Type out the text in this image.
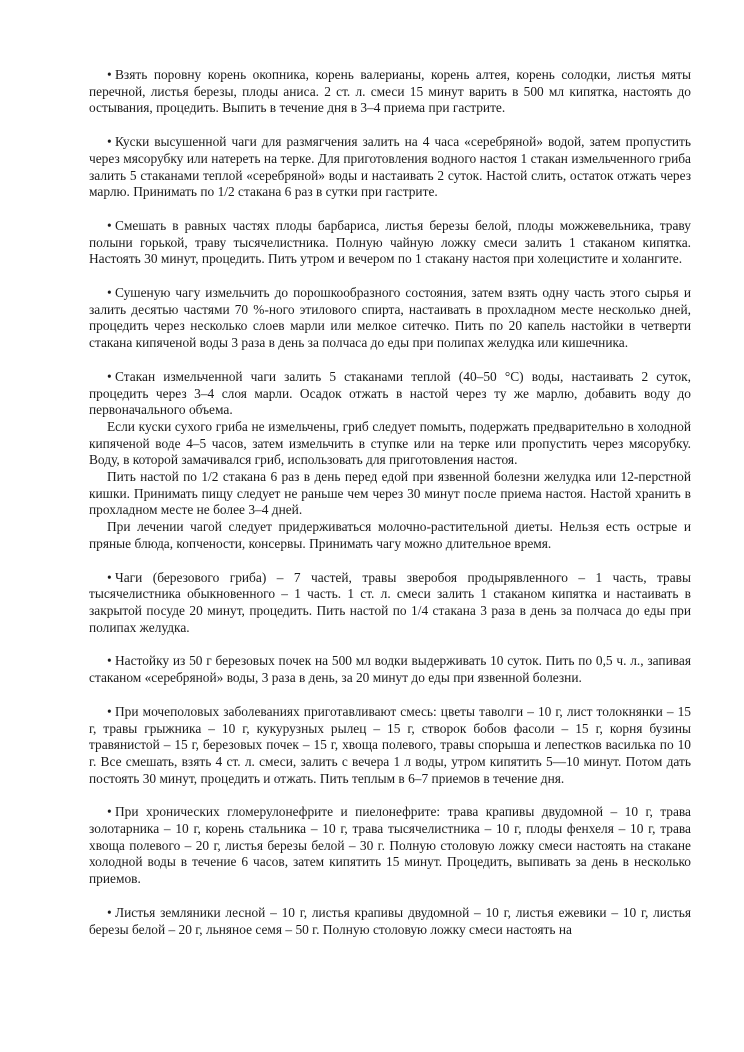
• Взять поровну корень окопника, корень валерианы, корень алтея, корень солодки, листья мяты перечной, листья березы, плоды аниса. 2 ст. л. смеси 15 минут варить в 500 мл кипятка, настоять до остывания, процедить. Выпить в течение дня в 3–4 приема при гастрите.

• Куски высушенной чаги для размягчения залить на 4 часа «серебряной» водой, затем пропустить через мясорубку или натереть на терке. Для приготовления водного настоя 1 стакан измельченного гриба залить 5 стаканами теплой «серебряной» воды и настаивать 2 суток. Настой слить, остаток отжать через марлю. Принимать по 1/2 стакана 6 раз в сутки при гастрите.

• Смешать в равных частях плоды барбариса, листья березы белой, плоды можжевельника, траву полыни горькой, траву тысячелистника. Полную чайную ложку смеси залить 1 стаканом кипятка. Настоять 30 минут, процедить. Пить утром и вечером по 1 стакану настоя при холецистите и холангите.

• Сушеную чагу измельчить до порошкообразного состояния, затем взять одну часть этого сырья и залить десятью частями 70 %-ного этилового спирта, настаивать в прохладном месте несколько дней, процедить через несколько слоев марли или мелкое ситечко. Пить по 20 капель настойки в четверти стакана кипяченой воды 3 раза в день за полчаса до еды при полипах желудка или кишечника.

• Стакан измельченной чаги залить 5 стаканами теплой (40–50 °С) воды, настаивать 2 суток, процедить через 3–4 слоя марли. Осадок отжать в настой через ту же марлю, добавить воду до первоначального объема.

Если куски сухого гриба не измельчены, гриб следует помыть, подержать предварительно в холодной кипяченой воде 4–5 часов, затем измельчить в ступке или на терке или пропустить через мясорубку. Воду, в которой замачивался гриб, использовать для приготовления настоя.

Пить настой по 1/2 стакана 6 раз в день перед едой при язвенной болезни желудка или 12-перстной кишки. Принимать пищу следует не раньше чем через 30 минут после приема настоя. Настой хранить в прохладном месте не более 3–4 дней.

При лечении чагой следует придерживаться молочно-растительной диеты. Нельзя есть острые и пряные блюда, копчености, консервы. Принимать чагу можно длительное время.

• Чаги (березового гриба) – 7 частей, травы зверобоя продырявленного – 1 часть, травы тысячелистника обыкновенного – 1 часть. 1 ст. л. смеси залить 1 стаканом кипятка и настаивать в закрытой посуде 20 минут, процедить. Пить настой по 1/4 стакана 3 раза в день за полчаса до еды при полипах желудка.

• Настойку из 50 г березовых почек на 500 мл водки выдерживать 10 суток. Пить по 0,5 ч. л., запивая стаканом «серебряной» воды, 3 раза в день, за 20 минут до еды при язвенной болезни.

• При мочеполовых заболеваниях приготавливают смесь: цветы таволги – 10 г, лист толокнянки – 15 г, травы грыжника – 10 г, кукурузных рылец – 15 г, створок бобов фасоли – 15 г, корня бузины травянистой – 15 г, березовых почек – 15 г, хвоща полевого, травы спорыша и лепестков василька по 10 г. Все смешать, взять 4 ст. л. смеси, залить с вечера 1 л воды, утром кипятить 5—10 минут. Потом дать постоять 30 минут, процедить и отжать. Пить теплым в 6–7 приемов в течение дня.

• При хронических гломерулонефрите и пиелонефрите: трава крапивы двудомной – 10 г, трава золотарника – 10 г, корень стальника – 10 г, трава тысячелистника – 10 г, плоды фенхеля – 10 г, трава хвоща полевого – 20 г, листья березы белой – 30 г. Полную столовую ложку смеси настоять на стакане холодной воды в течение 6 часов, затем кипятить 15 минут. Процедить, выпивать за день в несколько приемов.

• Листья земляники лесной – 10 г, листья крапивы двудомной – 10 г, листья ежевики – 10 г, листья березы белой – 20 г, льняное семя – 50 г. Полную столовую ложку смеси настоять на
